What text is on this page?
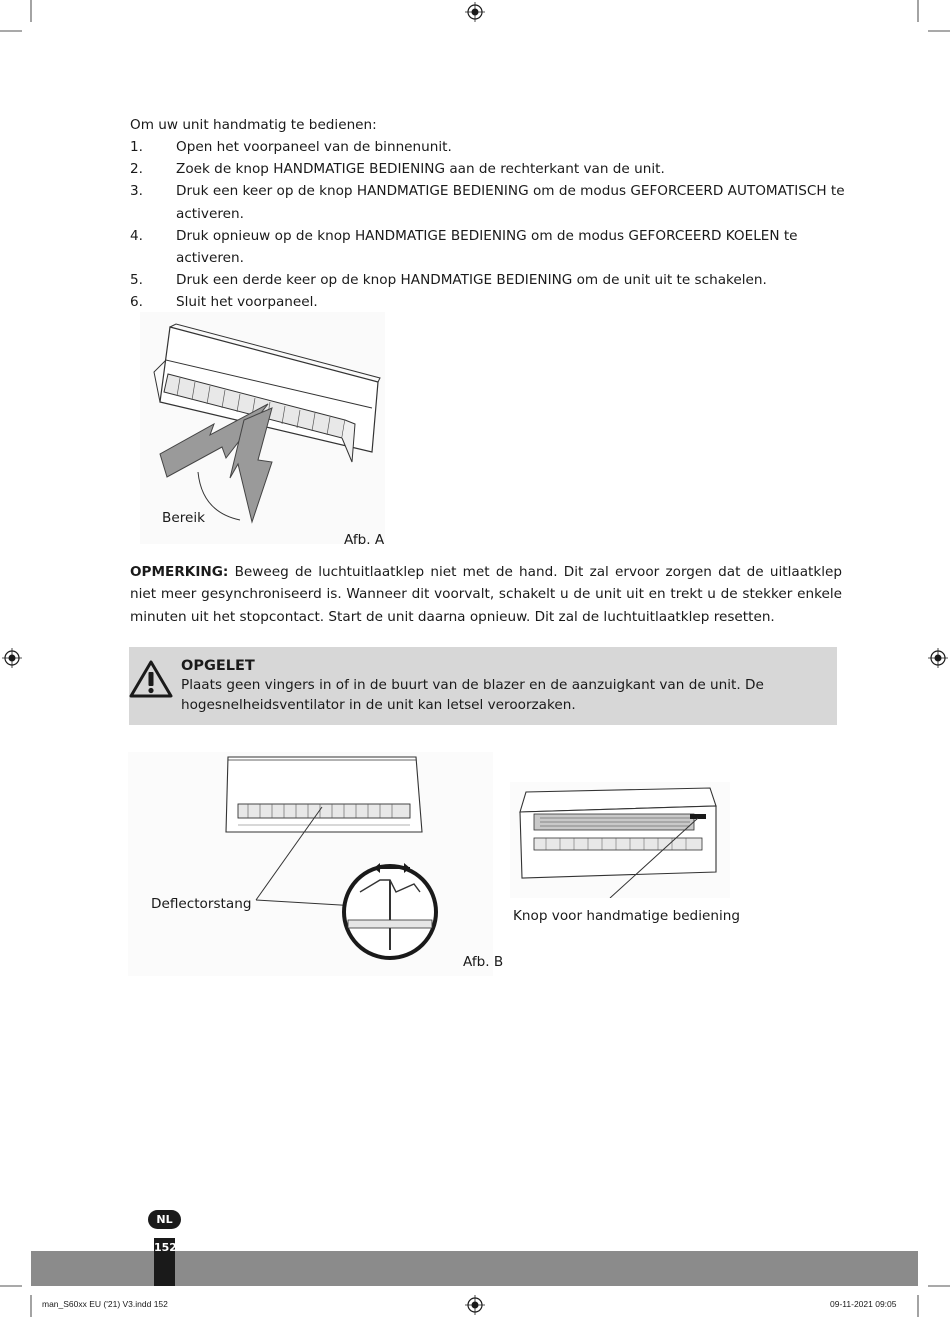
Om uw unit handmatig te bedienen:
1.	Open het voorpaneel van de binnenunit.
2.	Zoek de knop HANDMATIGE BEDIENING aan de rechterkant van de unit.
3.	Druk een keer op de knop HANDMATIGE BEDIENING om de modus GEFORCEERD AUTOMATISCH te activeren.
4.	Druk opnieuw op de knop HANDMATIGE BEDIENING om de modus GEFORCEERD KOELEN te activeren.
5.	Druk een derde keer op de knop HANDMATIGE BEDIENING om de unit uit te schakelen.
6.	Sluit het voorpaneel.
Bereik
Afb. A
OPMERKING: Beweeg de luchtuitlaatklep niet met de hand. Dit zal ervoor zorgen dat de uitlaatklep niet meer gesynchroniseerd is. Wanneer dit voorvalt, schakelt u de unit uit en trekt u de stekker enkele minuten uit het stopcontact. Start de unit daarna opnieuw. Dit zal de luchtuitlaatklep resetten.
OPGELET
Plaats geen vingers in of in de buurt van de blazer en de aanzuigkant van de unit. De hogesnelheidsventilator in de unit kan letsel veroorzaken.
Deflectorstang
Knop voor handmatige bediening
Afb. B
NL
152
man_S60xx EU ('21) V3.indd 152	09-11-2021 09:05
